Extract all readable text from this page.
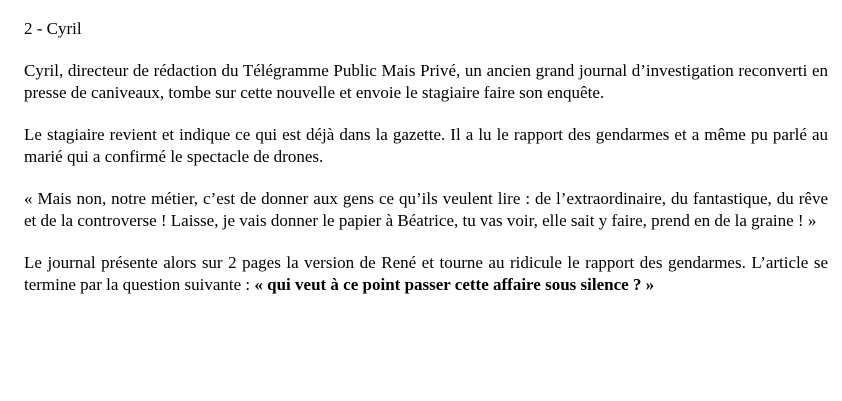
2 - Cyril

Cyril, directeur de rédaction du Télégramme Public Mais Privé, un ancien grand journal d’investigation reconverti en presse de caniveaux, tombe sur cette nouvelle et envoie le stagiaire faire son enquête.

Le stagiaire revient et indique ce qui est déjà dans la gazette. Il a lu le rapport des gendarmes et a même pu parlé au marié qui a confirmé le spectacle de drones.

« Mais non, notre métier, c’est de donner aux gens ce qu’ils veulent lire : de l’extraordinaire, du fantastique, du rêve et de la controverse ! Laisse, je vais donner le papier à Béatrice, tu vas voir, elle sait y faire, prend en de la graine ! »

Le journal présente alors sur 2 pages la version de René et tourne au ridicule le rapport des gendarmes. L’article se termine par la question suivante : « qui veut à ce point passer cette affaire sous silence ? »
